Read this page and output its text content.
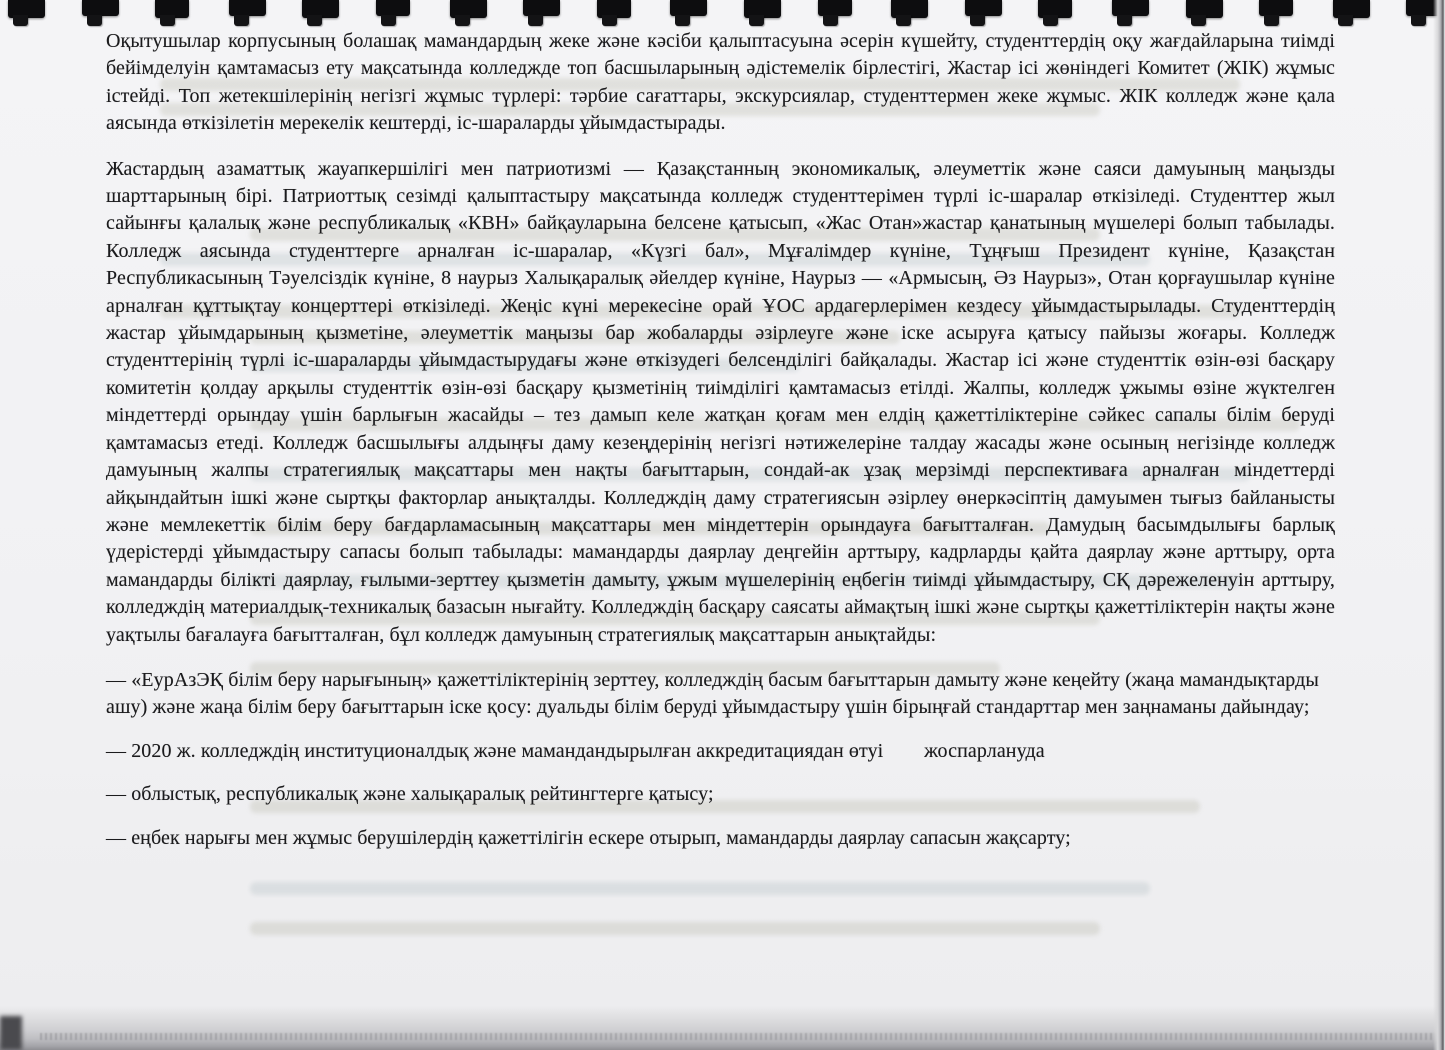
Оқытушылар корпусының болашақ мамандардың жеке және кәсіби қалыптасуына әсерін күшейту, студенттердің оқу жағдайларына тиімді бейімделуін қамтамасыз ету мақсатында колледжде топ басшыларының әдістемелік бірлестігі, Жастар ісі жөніндегі Комитет (ЖІК) жұмыс істейді. Топ жетекшілерінің негізгі жұмыс түрлері: тәрбие сағаттары, экскурсиялар, студенттермен жеке жұмыс. ЖІК колледж және қала аясында өткізілетін мерекелік кештерді, іс-шараларды ұйымдастырады.

Жастардың азаматтық жауапкершілігі мен патриотизмі — Қазақстанның экономикалық, әлеуметтік және саяси дамуының маңызды шарттарының бірі. Патриоттық сезімді қалыптастыру мақсатында колледж студенттерімен түрлі іс-шаралар өткізіледі. Студенттер жыл сайынғы қалалық және республикалық «КВН» байқауларына белсене қатысып, «Жас Отан»жастар қанатының мүшелері болып табылады. Колледж аясында студенттерге арналған іс-шаралар, «Күзгі бал», Мұғалімдер күніне, Тұңғыш Президент күніне, Қазақстан Республикасының Тәуелсіздік күніне, 8 наурыз Халықаралық әйелдер күніне, Наурыз — «Армысың, Әз Наурыз», Отан қорғаушылар күніне арналған құттықтау концерттері өткізіледі. Жеңіс күні мерекесіне орай ҰОС ардагерлерімен кездесу ұйымдастырылады. Студенттердің жастар ұйымдарының қызметіне, әлеуметтік маңызы бар жобаларды әзірлеуге және іске асыруға қатысу пайызы жоғары. Колледж студенттерінің түрлі іс-шараларды ұйымдастырудағы және өткізудегі белсенділігі байқалады. Жастар ісі және студенттік өзін-өзі басқару комитетін қолдау арқылы студенттік өзін-өзі басқару қызметінің тиімділігі қамтамасыз етілді. Жалпы, колледж ұжымы өзіне жүктелген міндеттерді орындау үшін барлығын жасайды – тез дамып келе жатқан қоғам мен елдің қажеттіліктеріне сәйкес сапалы білім беруді қамтамасыз етеді. Колледж басшылығы алдыңғы даму кезеңдерінің негізгі нәтижелеріне талдау жасады және осының негізінде колледж дамуының жалпы стратегиялық мақсаттары мен нақты бағыттарын, сондай-ак ұзақ мерзімді перспективаға арналған міндеттерді айқындайтын ішкі және сыртқы факторлар анықталды. Колледждің даму стратегиясын әзірлеу өнеркәсіптің дамуымен тығыз байланысты және мемлекеттік білім беру бағдарламасының мақсаттары мен міндеттерін орындауға бағытталған. Дамудың басымдылығы барлық үдерістерді ұйымдастыру сапасы болып табылады: мамандарды даярлау деңгейін арттыру, кадрларды қайта даярлау және арттыру, орта мамандарды білікті даярлау, ғылыми-зерттеу қызметін дамыту, ұжым мүшелерінің еңбегін тиімді ұйымдастыру, СҚ дәрежеленуін арттыру, колледждің материалдық-техникалық базасын нығайту. Колледждің басқару саясаты аймақтың ішкі және сыртқы қажеттіліктерін нақты және уақтылы бағалауға бағытталған, бұл колледж дамуының стратегиялық мақсаттарын анықтайды:

— «ЕурАзЭҚ білім беру нарығының» қажеттіліктерінің зерттеу, колледждің басым бағыттарын дамыту және кеңейту (жаңа мамандықтарды ашу) және жаңа білім беру бағыттарын іске қосу: дуальды білім беруді ұйымдастыру үшін бірыңғай стандарттар мен заңнаманы дайындау;

— 2020 ж. колледждің институционалдық және мамандандырылған аккредитациядан өтуі        жоспарлануда

— облыстық, республикалық және халықаралық рейтингтерге қатысу;

— еңбек нарығы мен жұмыс берушілердің қажеттілігін ескере отырып, мамандарды даярлау сапасын жақсарту;
